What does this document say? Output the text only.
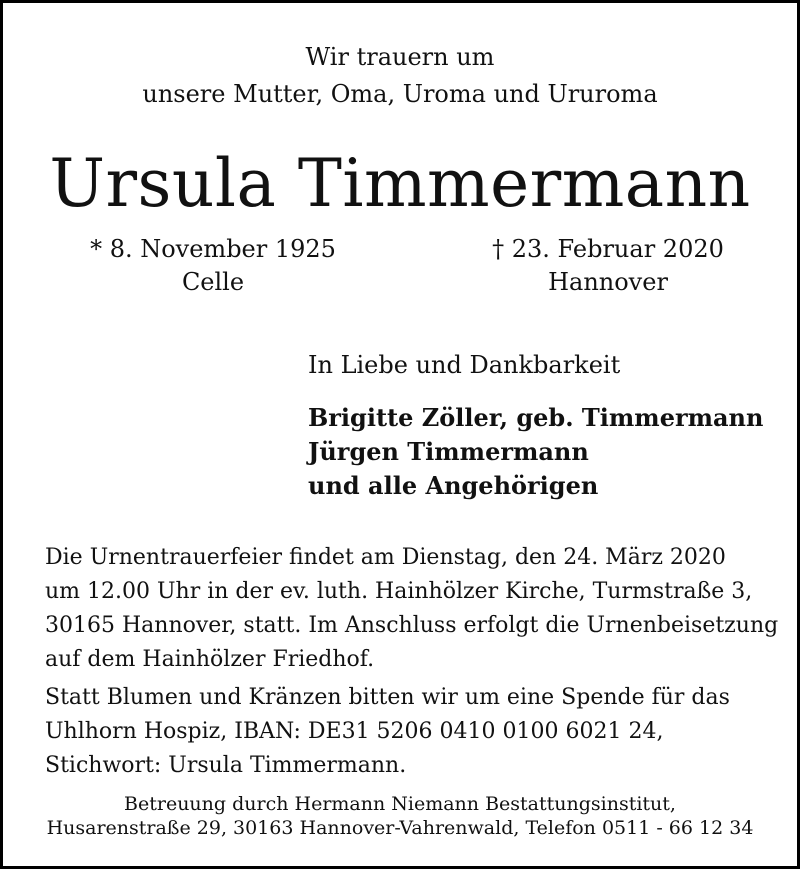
Wir trauern um
unsere Mutter, Oma, Uroma und Ururoma
Ursula Timmermann
* 8. November 1925
Celle
† 23. Februar 2020
Hannover
In Liebe und Dankbarkeit
Brigitte Zöller, geb. Timmermann
Jürgen Timmermann
und alle Angehörigen
Die Urnentrauerfeier findet am Dienstag, den 24. März 2020
um 12.00 Uhr in der ev. luth. Hainhölzer Kirche, Turmstraße 3,
30165 Hannover, statt. Im Anschluss erfolgt die Urnenbeisetzung
auf dem Hainhölzer Friedhof.
Statt Blumen und Kränzen bitten wir um eine Spende für das
Uhlhorn Hospiz, IBAN: DE31 5206 0410 0100 6021 24,
Stichwort: Ursula Timmermann.
Betreuung durch Hermann Niemann Bestattungsinstitut,
Husarenstraße 29, 30163 Hannover-Vahrenwald, Telefon 0511 - 66 12 34
